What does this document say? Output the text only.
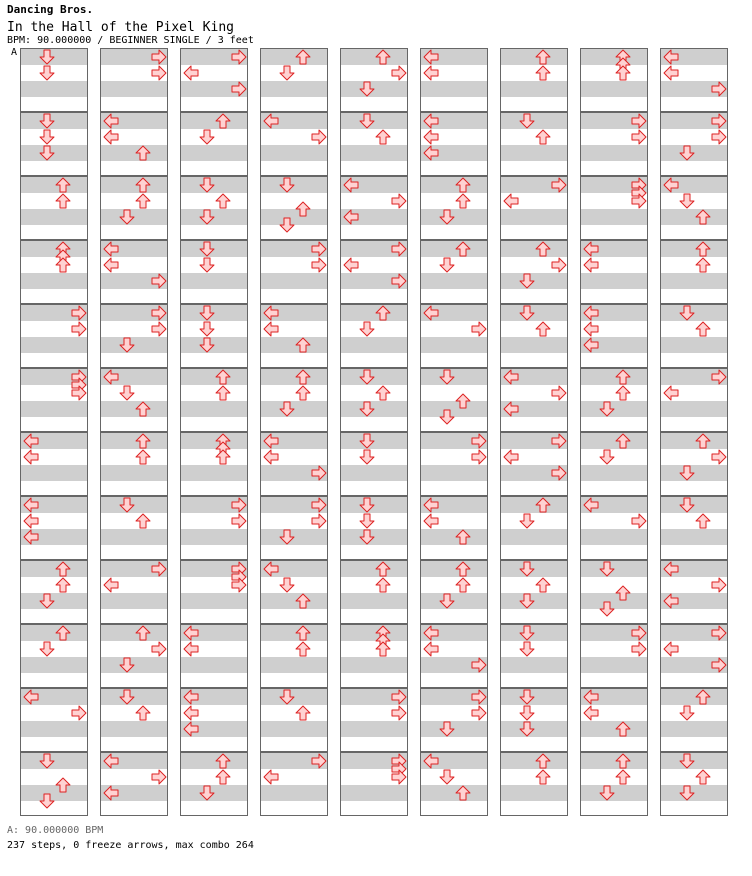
Dancing Bros.
In the Hall of the Pixel King
BPM: 90.000000 / BEGINNER SINGLE / 3 feet
A
A: 90.000000 BPM
237 steps, 0 freeze arrows, max combo 264
